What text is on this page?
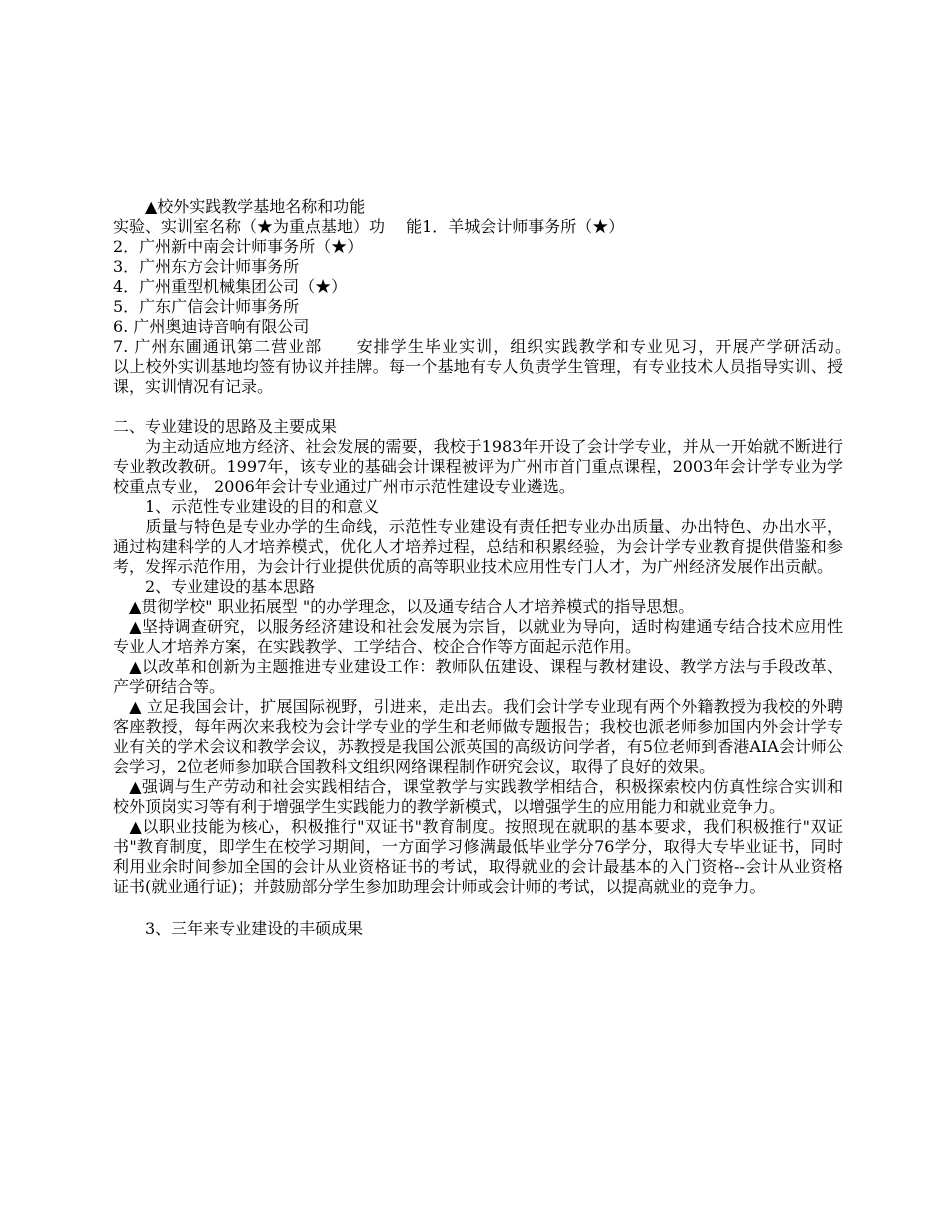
　　▲校外实践教学基地名称和功能
实验、实训室名称（★为重点基地）功　 能1．羊城会计师事务所（★）
2．广州新中南会计师事务所（★）
3．广州东方会计师事务所
4．广州重型机械集团公司（★）
5．广东广信会计师事务所
6. 广州奥迪诗音响有限公司
7. 广州东圃通讯第二营业部　　安排学生毕业实训，组织实践教学和专业见习，开展产学研活动。　　　以上校外实训基地均签有协议并挂牌。每一个基地有专人负责学生管理，有专业技术人员指导实训、授课，实训情况有记录。
二、专业建设的思路及主要成果
　　为主动适应地方经济、社会发展的需要，我校于1983年开设了会计学专业，并从一开始就不断进行专业教改教研。1997年，该专业的基础会计课程被评为广州市首门重点课程，2003年会计学专业为学校重点专业， 2006年会计专业通过广州市示范性建设专业遴选。
　　1、示范性专业建设的目的和意义
　　质量与特色是专业办学的生命线，示范性专业建设有责任把专业办出质量、办出特色、办出水平，通过构建科学的人才培养模式，优化人才培养过程，总结和积累经验，为会计学专业教育提供借鉴和参考，发挥示范作用，为会计行业提供优质的高等职业技术应用性专门人才，为广州经济发展作出贡献。
　　2、专业建设的基本思路
　▲贯彻学校" 职业拓展型 "的办学理念，以及通专结合人才培养模式的指导思想。
　▲坚持调查研究，以服务经济建设和社会发展为宗旨，以就业为导向，适时构建通专结合技术应用性专业人才培养方案，在实践教学、工学结合、校企合作等方面起示范作用。
　▲以改革和创新为主题推进专业建设工作：教师队伍建设、课程与教材建设、教学方法与手段改革、产学研结合等。
　▲ 立足我国会计，扩展国际视野，引进来，走出去。我们会计学专业现有两个外籍教授为我校的外聘客座教授，每年两次来我校为会计学专业的学生和老师做专题报告；我校也派老师参加国内外会计学专业有关的学术会议和教学会议，苏教授是我国公派英国的高级访问学者，有5位老师到香港AIA会计师公会学习，2位老师参加联合国教科文组织网络课程制作研究会议，取得了良好的效果。
　▲强调与生产劳动和社会实践相结合，课堂教学与实践教学相结合，积极探索校内仿真性综合实训和校外顶岗实习等有利于增强学生实践能力的教学新模式，以增强学生的应用能力和就业竞争力。
　▲以职业技能为核心，积极推行"双证书"教育制度。按照现在就职的基本要求，我们积极推行"双证书"教育制度，即学生在校学习期间，一方面学习修满最低毕业学分76学分，取得大专毕业证书，同时利用业余时间参加全国的会计从业资格证书的考试，取得就业的会计最基本的入门资格--会计从业资格证书(就业通行证)；并鼓励部分学生参加助理会计师或会计师的考试，以提高就业的竞争力。
　　3、三年来专业建设的丰硕成果
